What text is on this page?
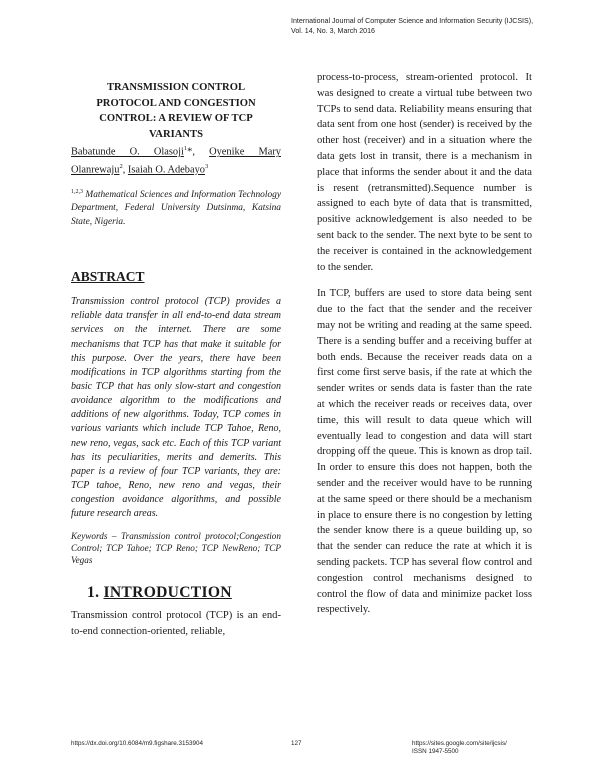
International Journal of Computer Science and Information Security (IJCSIS),
Vol. 14, No. 3, March 2016
TRANSMISSION CONTROL PROTOCOL AND CONGESTION CONTROL: A REVIEW OF TCP VARIANTS

Babatunde O. Olasoji$^1$*, Oyenike Mary Olanrewaju$^2$, Isaiah O. Adebayo$^3$

$^{1,2,3}$ Mathematical Sciences and Information Technology Department, Federal University Dutsinma, Katsina State, Nigeria.

ABSTRACT

Transmission control protocol (TCP) provides a reliable data transfer in all end-to-end data stream services on the internet. There are some mechanisms that TCP has that make it suitable for this purpose. Over the years, there have been modifications in TCP algorithms starting from the basic TCP that has only slow-start and congestion avoidance algorithm to the modifications and additions of new algorithms. Today, TCP comes in various variants which include TCP Tahoe, Reno, new reno, vegas, sack etc. Each of this TCP variant has its peculiarities, merits and demerits. This paper is a review of four TCP variants, they are: TCP tahoe, Reno, new reno and vegas, their congestion avoidance algorithms, and possible future research areas.

Keywords – Transmission control protocol;Congestion Control; TCP Tahoe; TCP Reno; TCP NewReno; TCP Vegas

1. INTRODUCTION

Transmission control protocol (TCP) is an end-to-end connection-oriented, reliable,

process-to-process, stream-oriented protocol. It was designed to create a virtual tube between two TCPs to send data. Reliability means ensuring that data sent from one host (sender) is received by the other host (receiver) and in a situation where the data gets lost in transit, there is a mechanism in place that informs the sender about it and the data is resent (retransmitted).Sequence number is assigned to each byte of data that is transmitted, positive acknowledgement is also needed to be sent back to the sender. The next byte to be sent to the receiver is contained in the acknowledgement to the sender.

In TCP, buffers are used to store data being sent due to the fact that the sender and the receiver may not be writing and reading at the same speed. There is a sending buffer and a receiving buffer at both ends. Because the receiver reads data on a first come first serve basis, if the rate at which the sender writes or sends data is faster than the rate at which the receiver reads or receives data, over time, this will result to data queue which will eventually lead to congestion and data will start dropping off the queue. This is known as drop tail. In order to ensure this does not happen, both the sender and the receiver would have to be running at the same speed or there should be a mechanism in place to ensure there is no congestion by letting the sender know there is a queue building up, so that the sender can reduce the rate at which it is sending packets. TCP has several flow control and congestion control mechanisms designed to control the flow of data and minimize packet loss respectively.

https://dx.doi.org/10.6084/m9.figshare.3153904	127	https://sites.google.com/site/ijcsis/
ISSN 1947-5500
